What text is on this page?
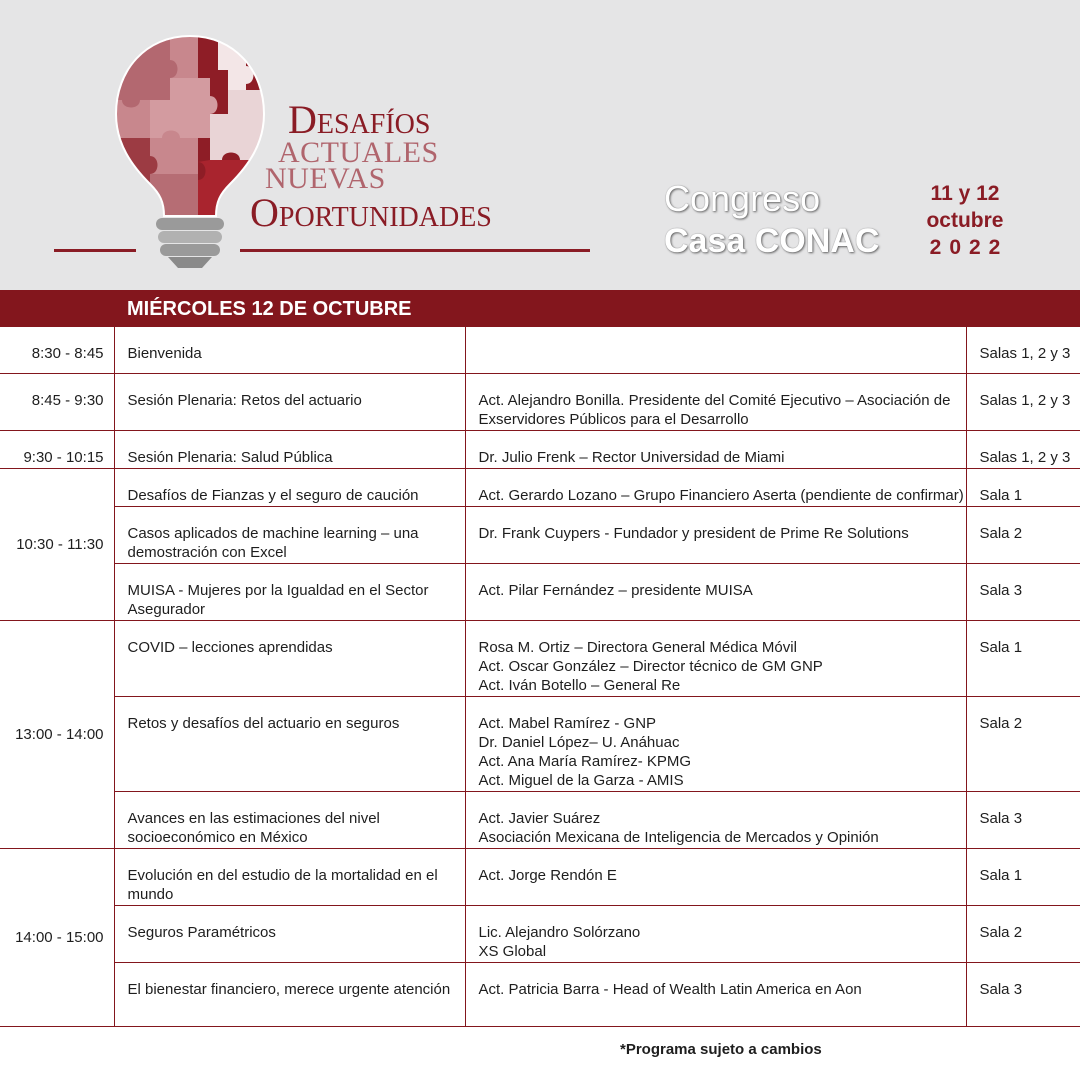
Desafíos
ACTUALES
NUEVAS
Oportunidades	Congreso
Casa CONAC
11 y 12
octubre
2022
MIÉRCOLES 12 DE OCTUBRE
8:30 - 8:45	Bienvenida		Salas 1, 2 y 3
8:45 - 9:30	Sesión Plenaria: Retos del actuario	Act. Alejandro Bonilla. Presidente del Comité Ejecutivo – Asociación de Exservidores Públicos para el Desarrollo	Salas 1, 2 y 3
9:30 - 10:15	Sesión Plenaria: Salud Pública	Dr. Julio Frenk – Rector Universidad de Miami	Salas 1, 2 y 3
10:30 - 11:30	Desafíos de Fianzas y el seguro de caución	Act. Gerardo Lozano – Grupo Financiero Aserta (pendiente de confirmar)	Sala 1
	Casos aplicados de machine learning – una demostración con Excel	Dr. Frank Cuypers - Fundador y president de Prime Re Solutions	Sala 2
	MUISA - Mujeres por la Igualdad en el Sector Asegurador	Act. Pilar Fernández – presidente MUISA	Sala 3
13:00 - 14:00	COVID – lecciones aprendidas	Rosa M. Ortiz – Directora General Médica Móvil
Act. Oscar González – Director técnico de GM GNP
Act. Iván Botello – General Re	Sala 1
	Retos y desafíos del actuario en seguros	Act. Mabel Ramírez - GNP
Dr. Daniel López– U. Anáhuac
Act. Ana María Ramírez- KPMG
Act. Miguel de la Garza - AMIS	Sala 2
	Avances en las estimaciones del nivel socioeconómico en México	Act. Javier Suárez
Asociación Mexicana de Inteligencia de Mercados y Opinión	Sala 3
14:00 - 15:00	Evolución en del estudio de la mortalidad en el mundo	Act. Jorge Rendón E	Sala 1
	Seguros Paramétricos	Lic. Alejandro Solórzano
XS Global	Sala 2
	El bienestar financiero, merece urgente atención	Act. Patricia Barra - Head of Wealth Latin America en Aon	Sala 3
*Programa sujeto a cambios
